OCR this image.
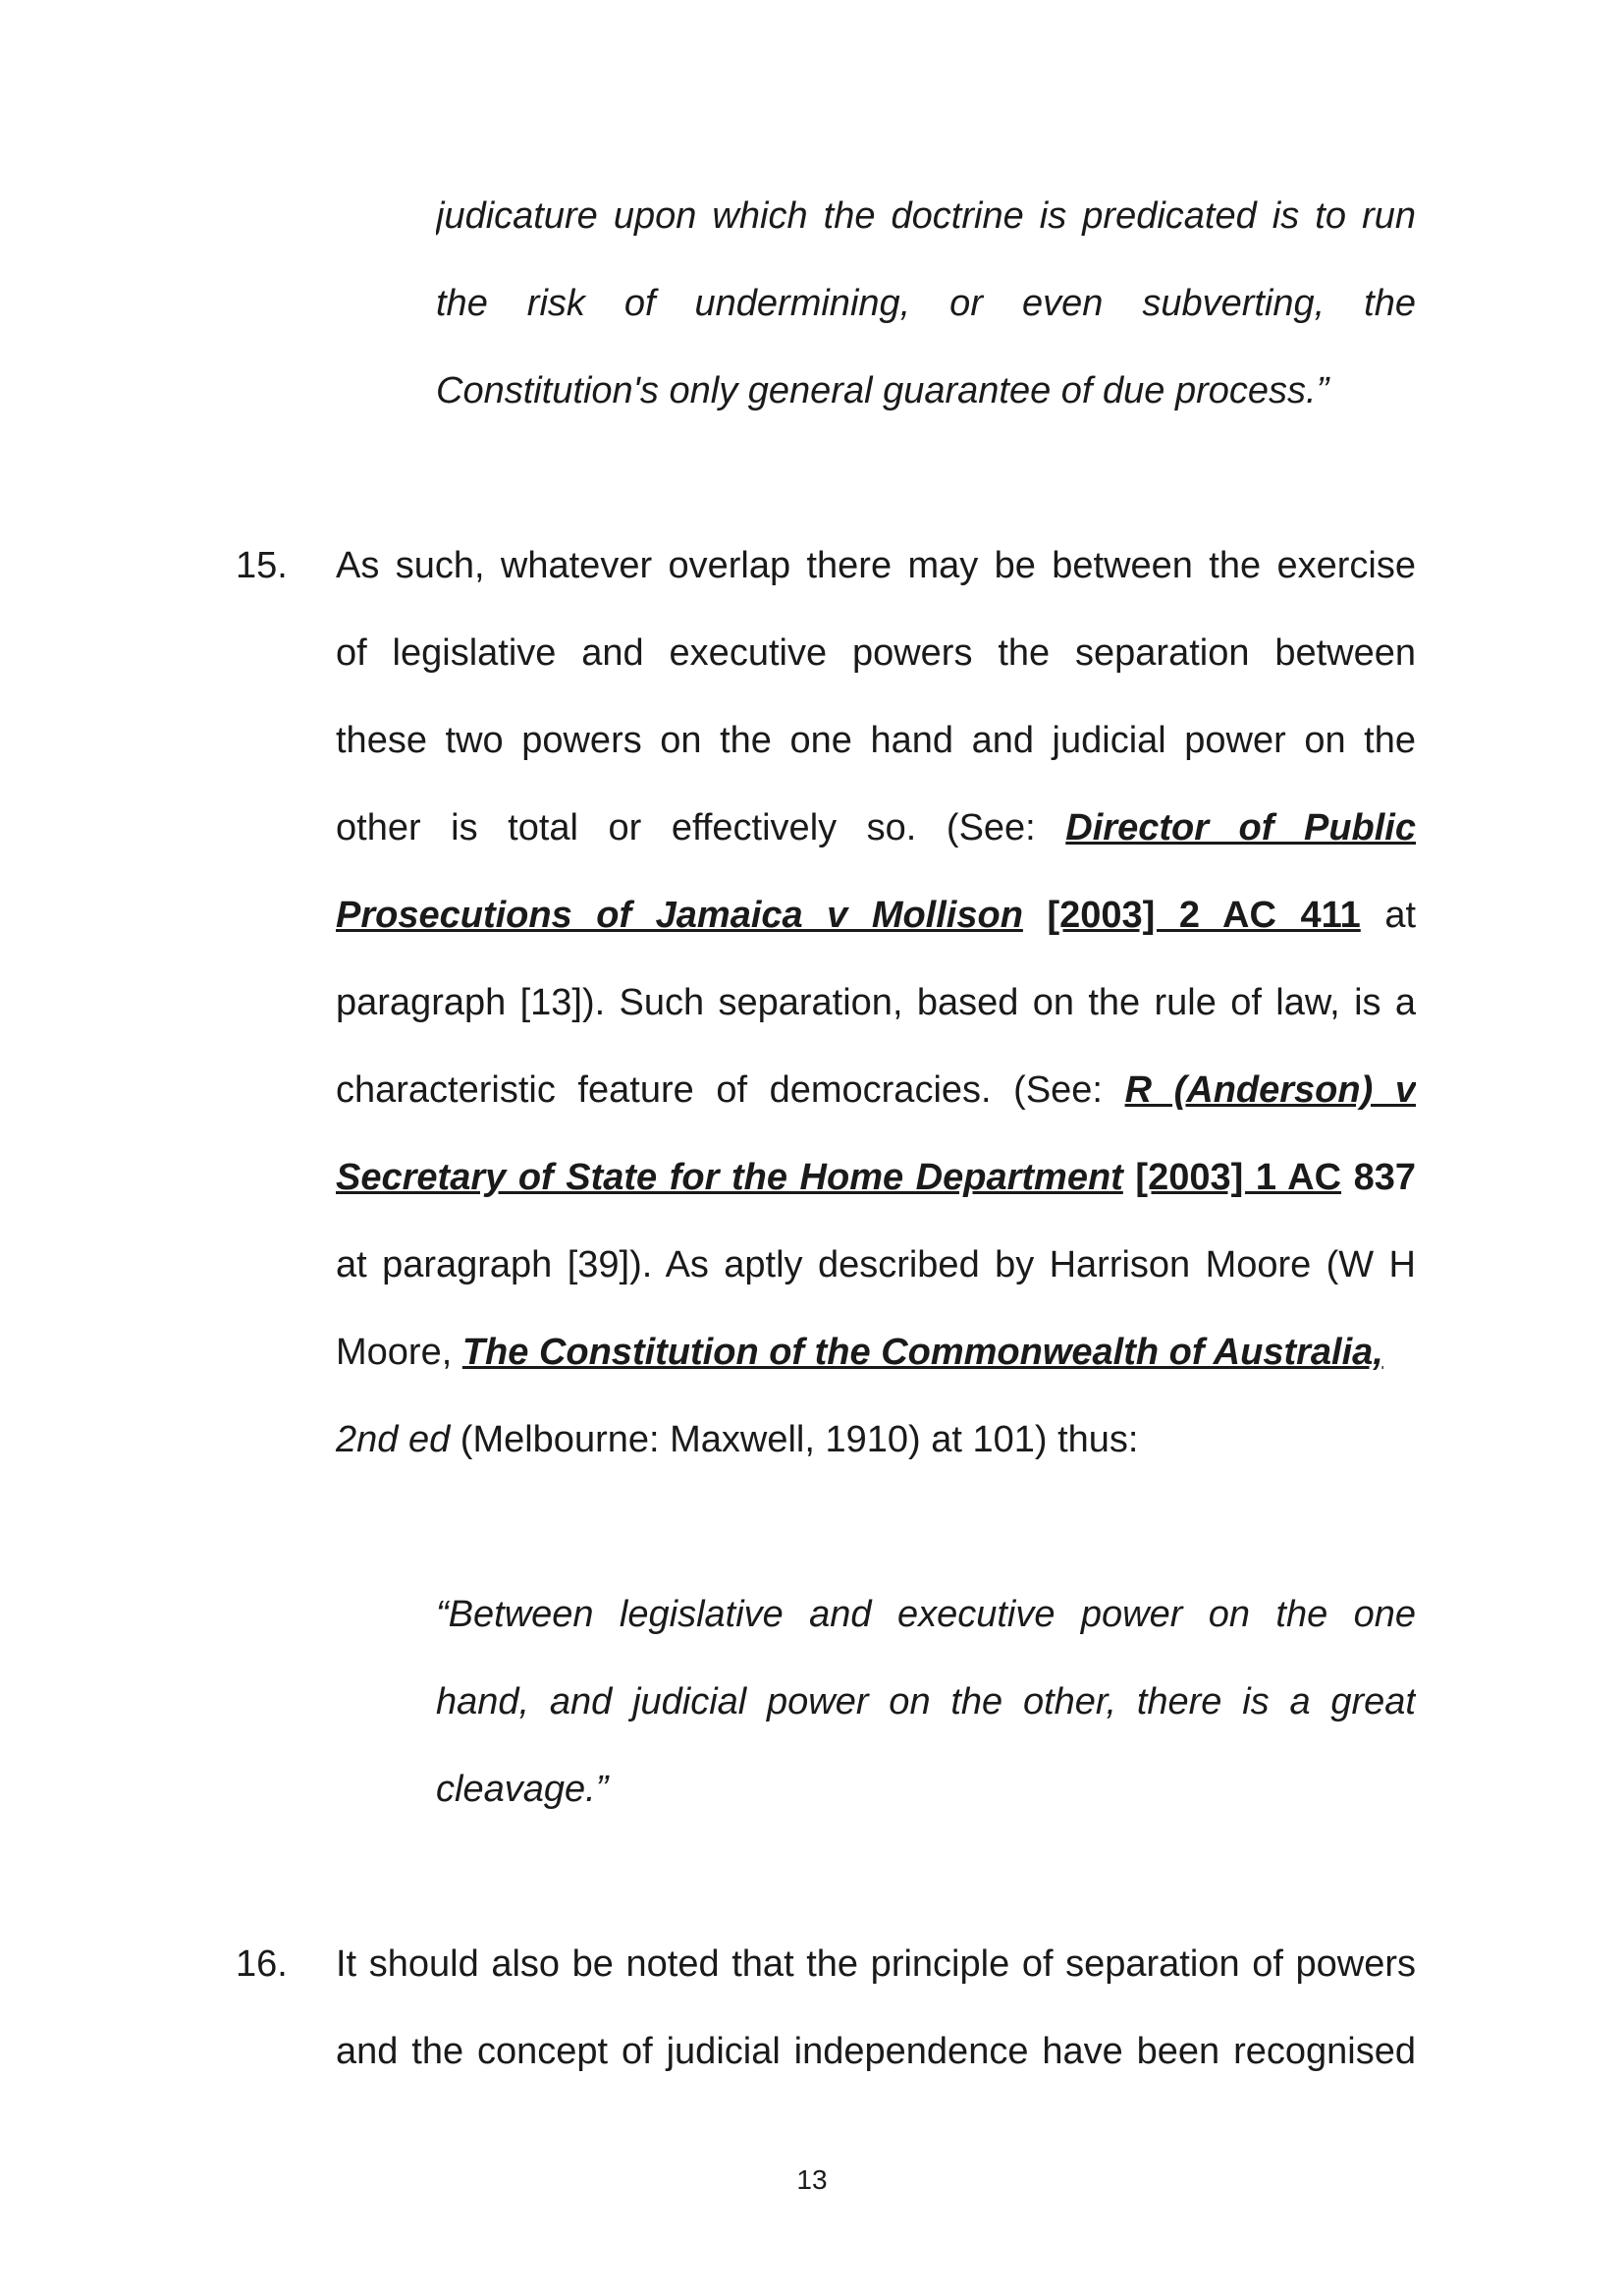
judicature upon which the doctrine is predicated is to run
the risk of undermining, or even subverting, the
Constitution's only general guarantee of due process.”
15. As such, whatever overlap there may be between the exercise
of legislative and executive powers the separation between
these two powers on the one hand and judicial power on the
other is total or effectively so. (See: Director of Public
Prosecutions of Jamaica v Mollison [2003] 2 AC 411 at
paragraph [13]). Such separation, based on the rule of law, is a
characteristic feature of democracies. (See: R (Anderson) v
Secretary of State for the Home Department [2003] 1 AC 837
at paragraph [39]). As aptly described by Harrison Moore (W H
Moore, The Constitution of the Commonwealth of Australia,
2nd ed (Melbourne: Maxwell, 1910) at 101) thus:
“Between legislative and executive power on the one
hand, and judicial power on the other, there is a great
cleavage.”
16. It should also be noted that the principle of separation of powers
and the concept of judicial independence have been recognised
13
